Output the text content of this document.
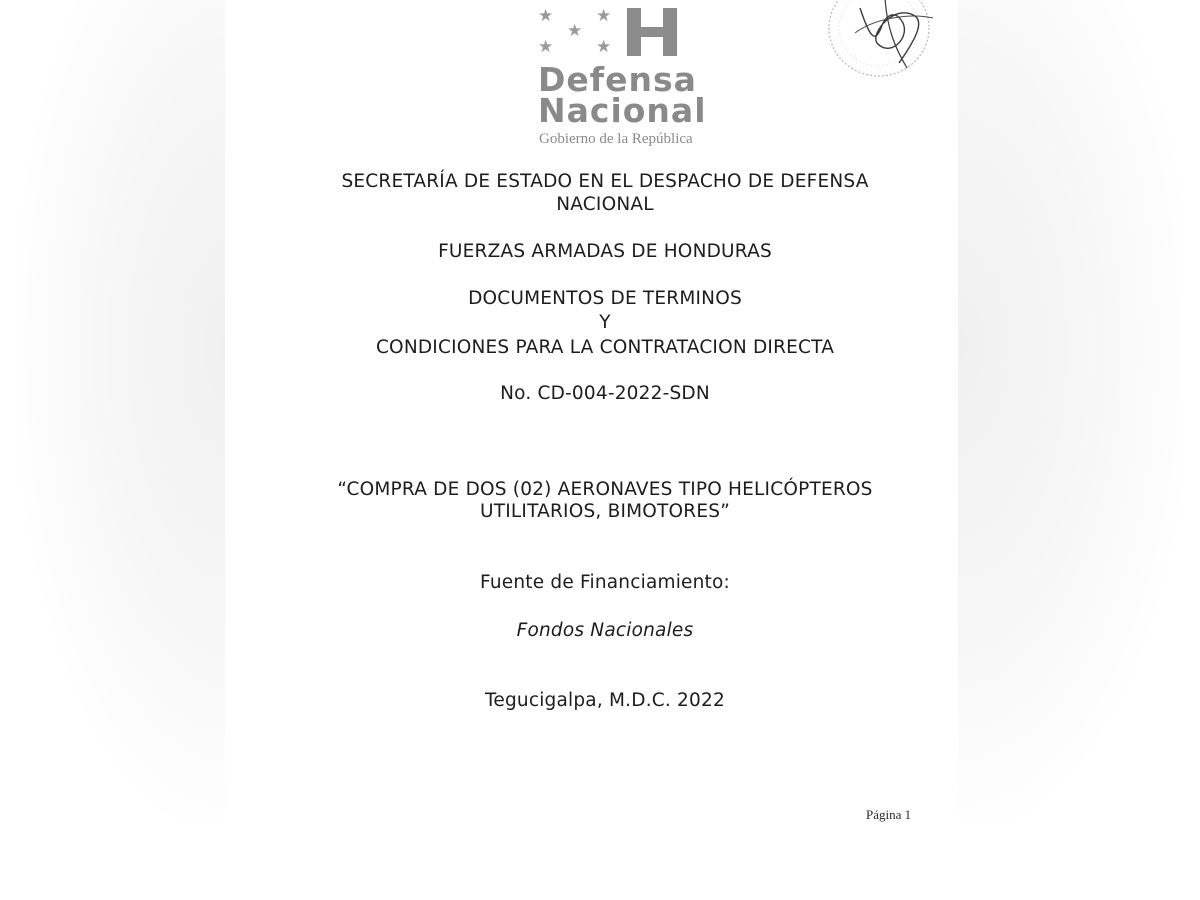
★	★
★
★	★
Defensa
Nacional
Gobierno de la República
SECRETARÍA DE ESTADO EN EL DESPACHO DE DEFENSA
NACIONAL
FUERZAS ARMADAS DE HONDURAS
DOCUMENTOS DE TERMINOS
Y
CONDICIONES PARA LA CONTRATACION DIRECTA
No. CD-004-2022-SDN
“COMPRA DE DOS (02) AERONAVES TIPO HELICÓPTEROS
UTILITARIOS, BIMOTORES”
Fuente de Financiamiento:
Fondos Nacionales
Tegucigalpa, M.D.C. 2022
Página 1
